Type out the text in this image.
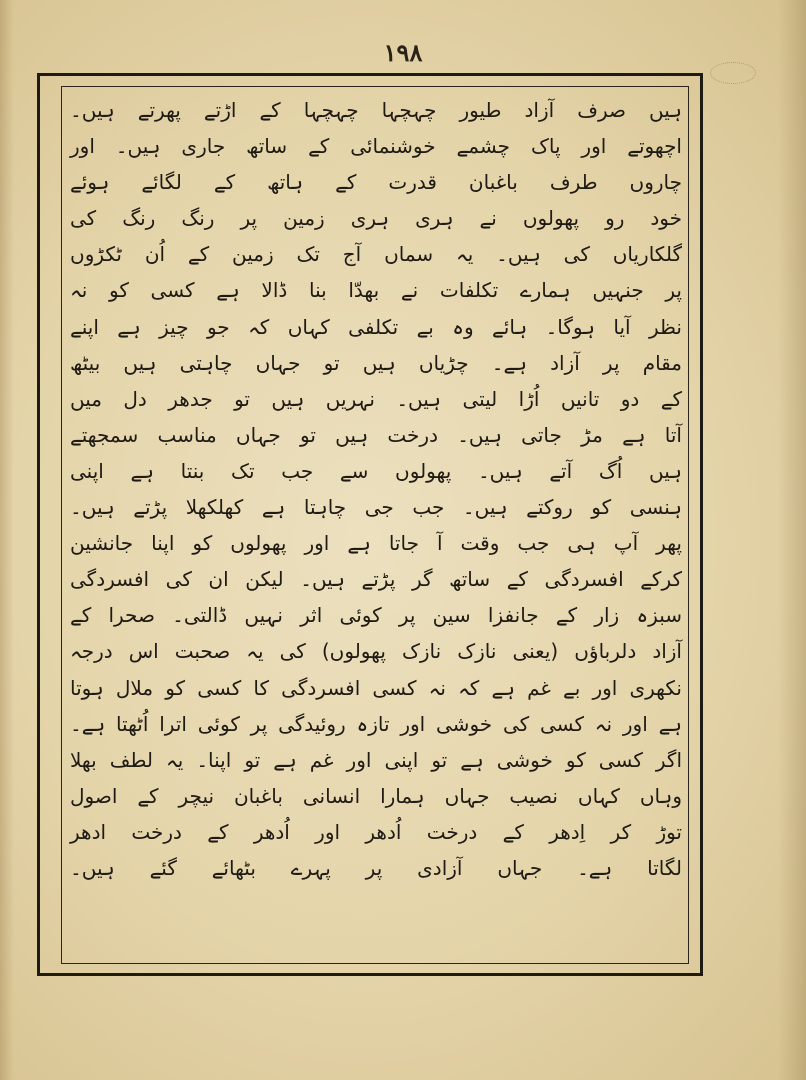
۱۹۸
ہیں صرف آزاد طیور چہچہا چہچہا کے اڑتے پھرتے ہیں۔
اچھوتے اور پاک چشمے خوشنمائی کے ساتھ جاری ہیں۔ اور
چاروں طرف باغبان قدرت کے ہاتھ کے لگائے ہوئے
خود رو پھولوں نے ہری ہری زمین پر رنگ رنگ کی
گلکاریاں کی ہیں۔ یہ سماں آج تک زمین کے اُن ٹکڑوں
پر جنہیں ہمارے تکلفات نے بھدّا بنا ڈالا ہے کسی کو نہ
نظر آیا ہوگا۔ ہائے وہ بے تکلفی کہاں کہ جو چیز ہے اپنے
مقام پر آزاد ہے۔ چڑیاں ہیں تو جہاں چاہتی ہیں بیٹھ
کے دو تانیں اُڑا لیتی ہیں۔ نہریں ہیں تو جدھر دل میں
آتا ہے مڑ جاتی ہیں۔ درخت ہیں تو جہاں مناسب سمجھتے
ہیں اُگ آتے ہیں۔ پھولوں سے جب تک بنتا ہے اپنی
ہنسی کو روکتے ہیں۔ جب جی چاہتا ہے کھلکھلا پڑتے ہیں۔
پھر آپ ہی جب وقت آ جاتا ہے اور پھولوں کو اپنا جانشین
کرکے افسردگی کے ساتھ گر پڑتے ہیں۔ لیکن ان کی افسردگی
سبزہ زار کے جانفزا سین پر کوئی اثر نہیں ڈالتی۔ صحرا کے
آزاد دلرباؤں (یعنی نازک نازک پھولوں) کی یہ صحبت اس درجہ
نکھری اور بے غم ہے کہ نہ کسی افسردگی کا کسی کو ملال ہوتا
ہے اور نہ کسی کی خوشی اور تازہ روئیدگی پر کوئی اترا اُٹھتا ہے۔
اگر کسی کو خوشی ہے تو اپنی اور غم ہے تو اپنا۔ یہ لطف بھلا
وہاں کہاں نصیب جہاں ہمارا انسانی باغبان نیچر کے اصول
توڑ کر اِدھر کے درخت اُدھر اور اُدھر کے درخت ادھر
لگاتا ہے۔ جہاں آزادی پر پہرے بٹھائے گئے ہیں۔
